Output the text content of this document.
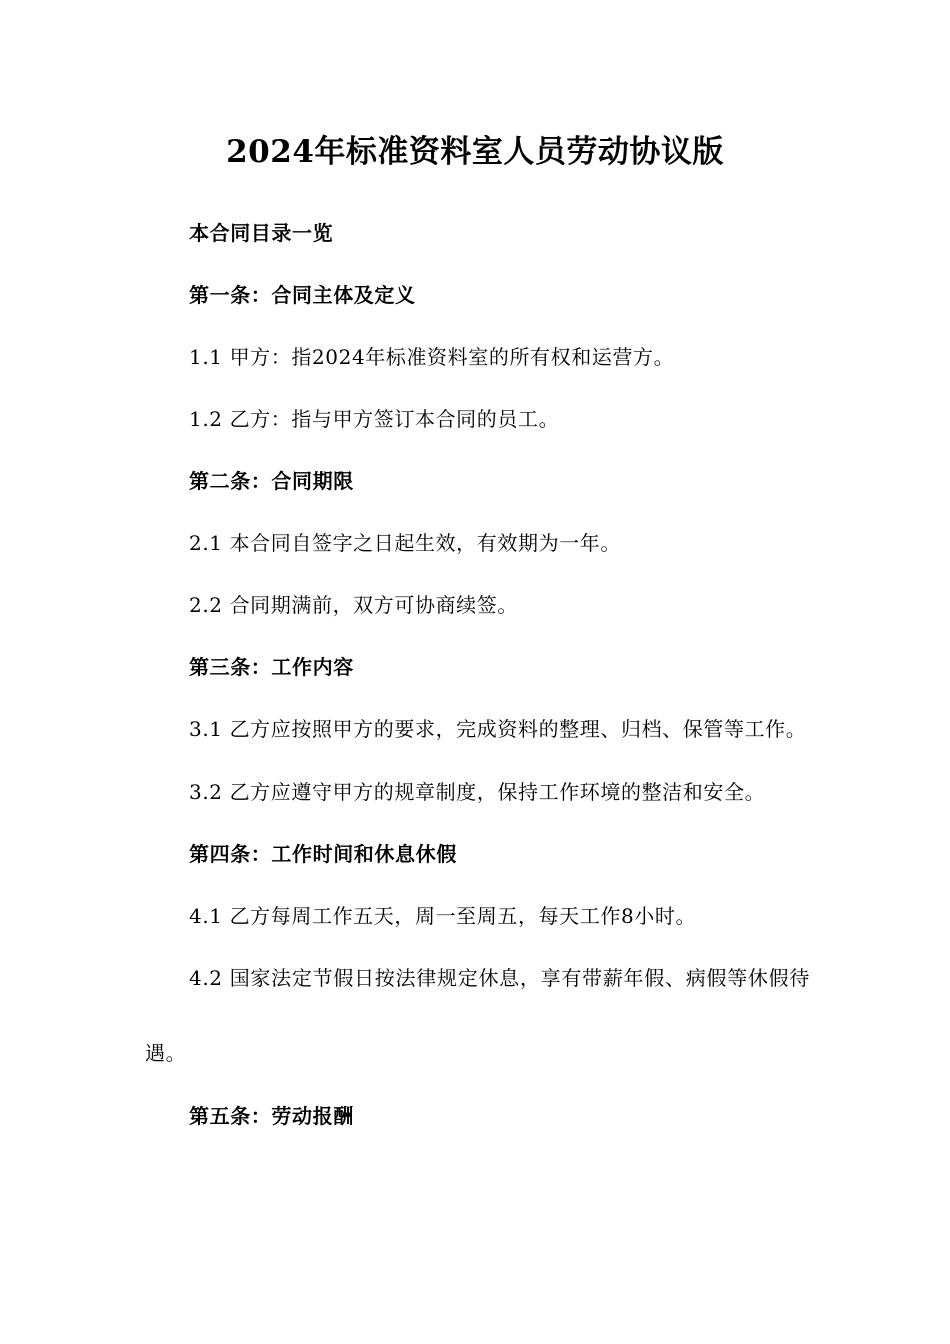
2024年标准资料室人员劳动协议版

本合同目录一览

第一条：合同主体及定义

1.1 甲方：指2024年标准资料室的所有权和运营方。

1.2 乙方：指与甲方签订本合同的员工。

第二条：合同期限

2.1 本合同自签字之日起生效，有效期为一年。

2.2 合同期满前，双方可协商续签。

第三条：工作内容

3.1 乙方应按照甲方的要求，完成资料的整理、归档、保管等工作。

3.2 乙方应遵守甲方的规章制度，保持工作环境的整洁和安全。

第四条：工作时间和休息休假

4.1 乙方每周工作五天，周一至周五，每天工作8小时。

4.2 国家法定节假日按法律规定休息，享有带薪年假、病假等休假待遇。

第五条：劳动报酬
